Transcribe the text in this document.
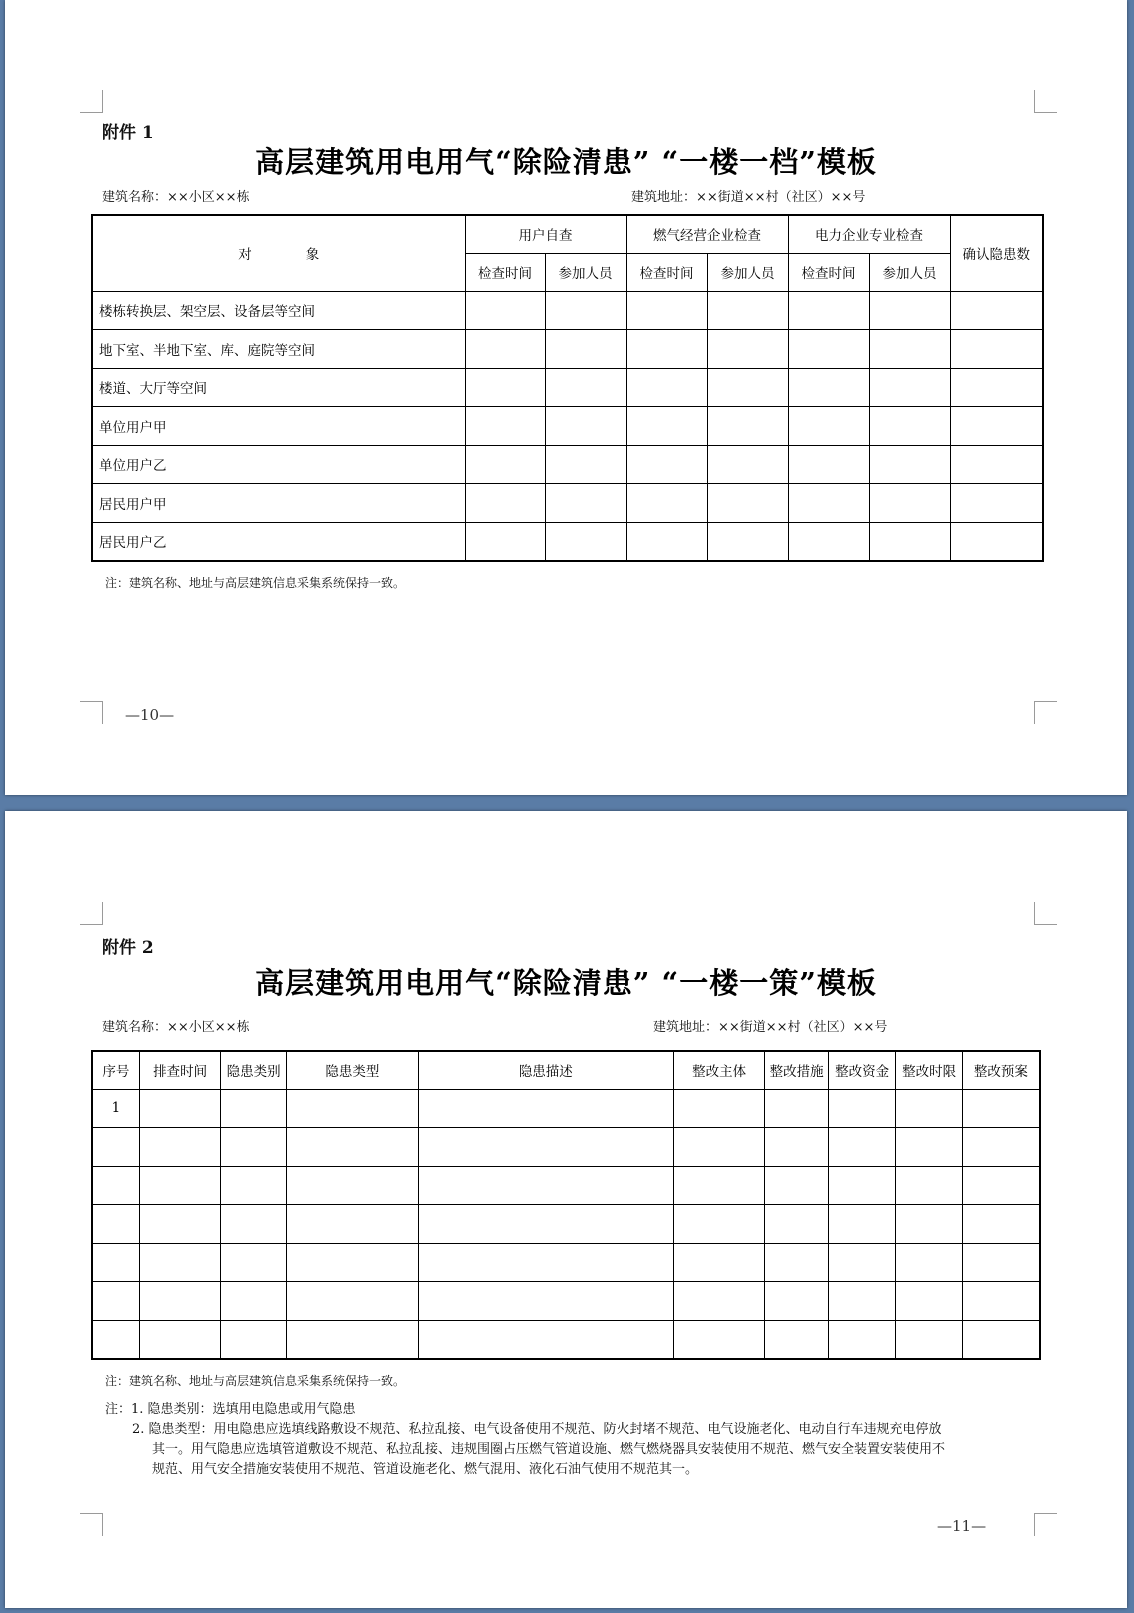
附件 1
高层建筑用电用气“除险清患” “一楼一档”模板
建筑名称：××小区××栋	建筑地址：××街道××村（社区）××号
对　　　　象	用户自查		燃气经营企业检查		电力企业专业检查		确认隐患数
	检查时间	参加人员	检查时间	参加人员	检查时间	参加人员	
楼栋转换层、架空层、设备层等空间							
地下室、半地下室、库、庭院等空间							
楼道、大厅等空间							
单位用户甲							
单位用户乙							
居民用户甲							
居民用户乙							
注：建筑名称、地址与高层建筑信息采集系统保持一致。
—10—
附件 2
高层建筑用电用气“除险清患” “一楼一策”模板
建筑名称：××小区××栋	建筑地址：××街道××村（社区）××号
序号	排查时间	隐患类别	隐患类型	隐患描述	整改主体	整改措施	整改资金	整改时限	整改预案
1									

注：建筑名称、地址与高层建筑信息采集系统保持一致。
注：1. 隐患类别：选填用电隐患或用气隐患
2. 隐患类型：用电隐患应选填线路敷设不规范、私拉乱接、电气设备使用不规范、防火封堵不规范、电气设施老化、电动自行车违规充电停放
其一。用气隐患应选填管道敷设不规范、私拉乱接、违规围圈占压燃气管道设施、燃气燃烧器具安装使用不规范、燃气安全装置安装使用不
规范、用气安全措施安装使用不规范、管道设施老化、燃气混用、液化石油气使用不规范其一。
—11—
